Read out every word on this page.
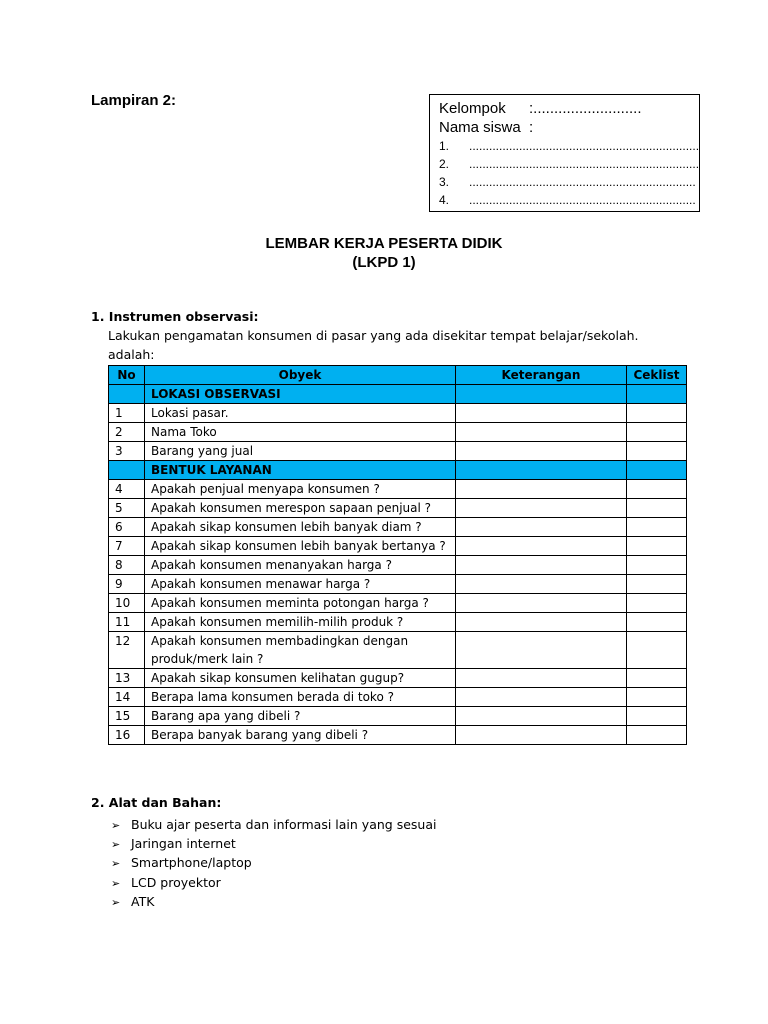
Lampiran 2:	Kelompok :..........................
Nama siswa :
1. .....................................................................
2. .....................................................................
3. ....................................................................
4. ....................................................................
LEMBAR KERJA PESERTA DIDIK
(LKPD 1)
1. Instrumen observasi:
Lakukan pengamatan konsumen di pasar yang ada disekitar tempat belajar/sekolah.
adalah:
No	Obyek	Keterangan	Ceklist
	LOKASI OBSERVASI		
1	Lokasi pasar.		
2	Nama Toko		
3	Barang yang jual		
	BENTUK LAYANAN		
4	Apakah penjual menyapa konsumen ?		
5	Apakah konsumen merespon sapaan penjual ?		
6	Apakah sikap konsumen lebih banyak diam ?		
7	Apakah sikap konsumen lebih banyak bertanya ?		
8	Apakah konsumen menanyakan harga ?		
9	Apakah konsumen menawar harga ?		
10	Apakah konsumen meminta potongan harga ?		
11	Apakah konsumen memilih-milih produk ?		
12	Apakah konsumen membadingkan dengan
produk/merk lain ?		

13	Apakah sikap konsumen kelihatan gugup?		
14	Berapa lama konsumen berada di toko ?		
15	Barang apa yang dibeli ?		
16	Berapa banyak barang yang dibeli ?		
2. Alat dan Bahan:
➢ Buku ajar peserta dan informasi lain yang sesuai
➢ Jaringan internet
➢ Smartphone/laptop
➢ LCD proyektor
➢ ATK
